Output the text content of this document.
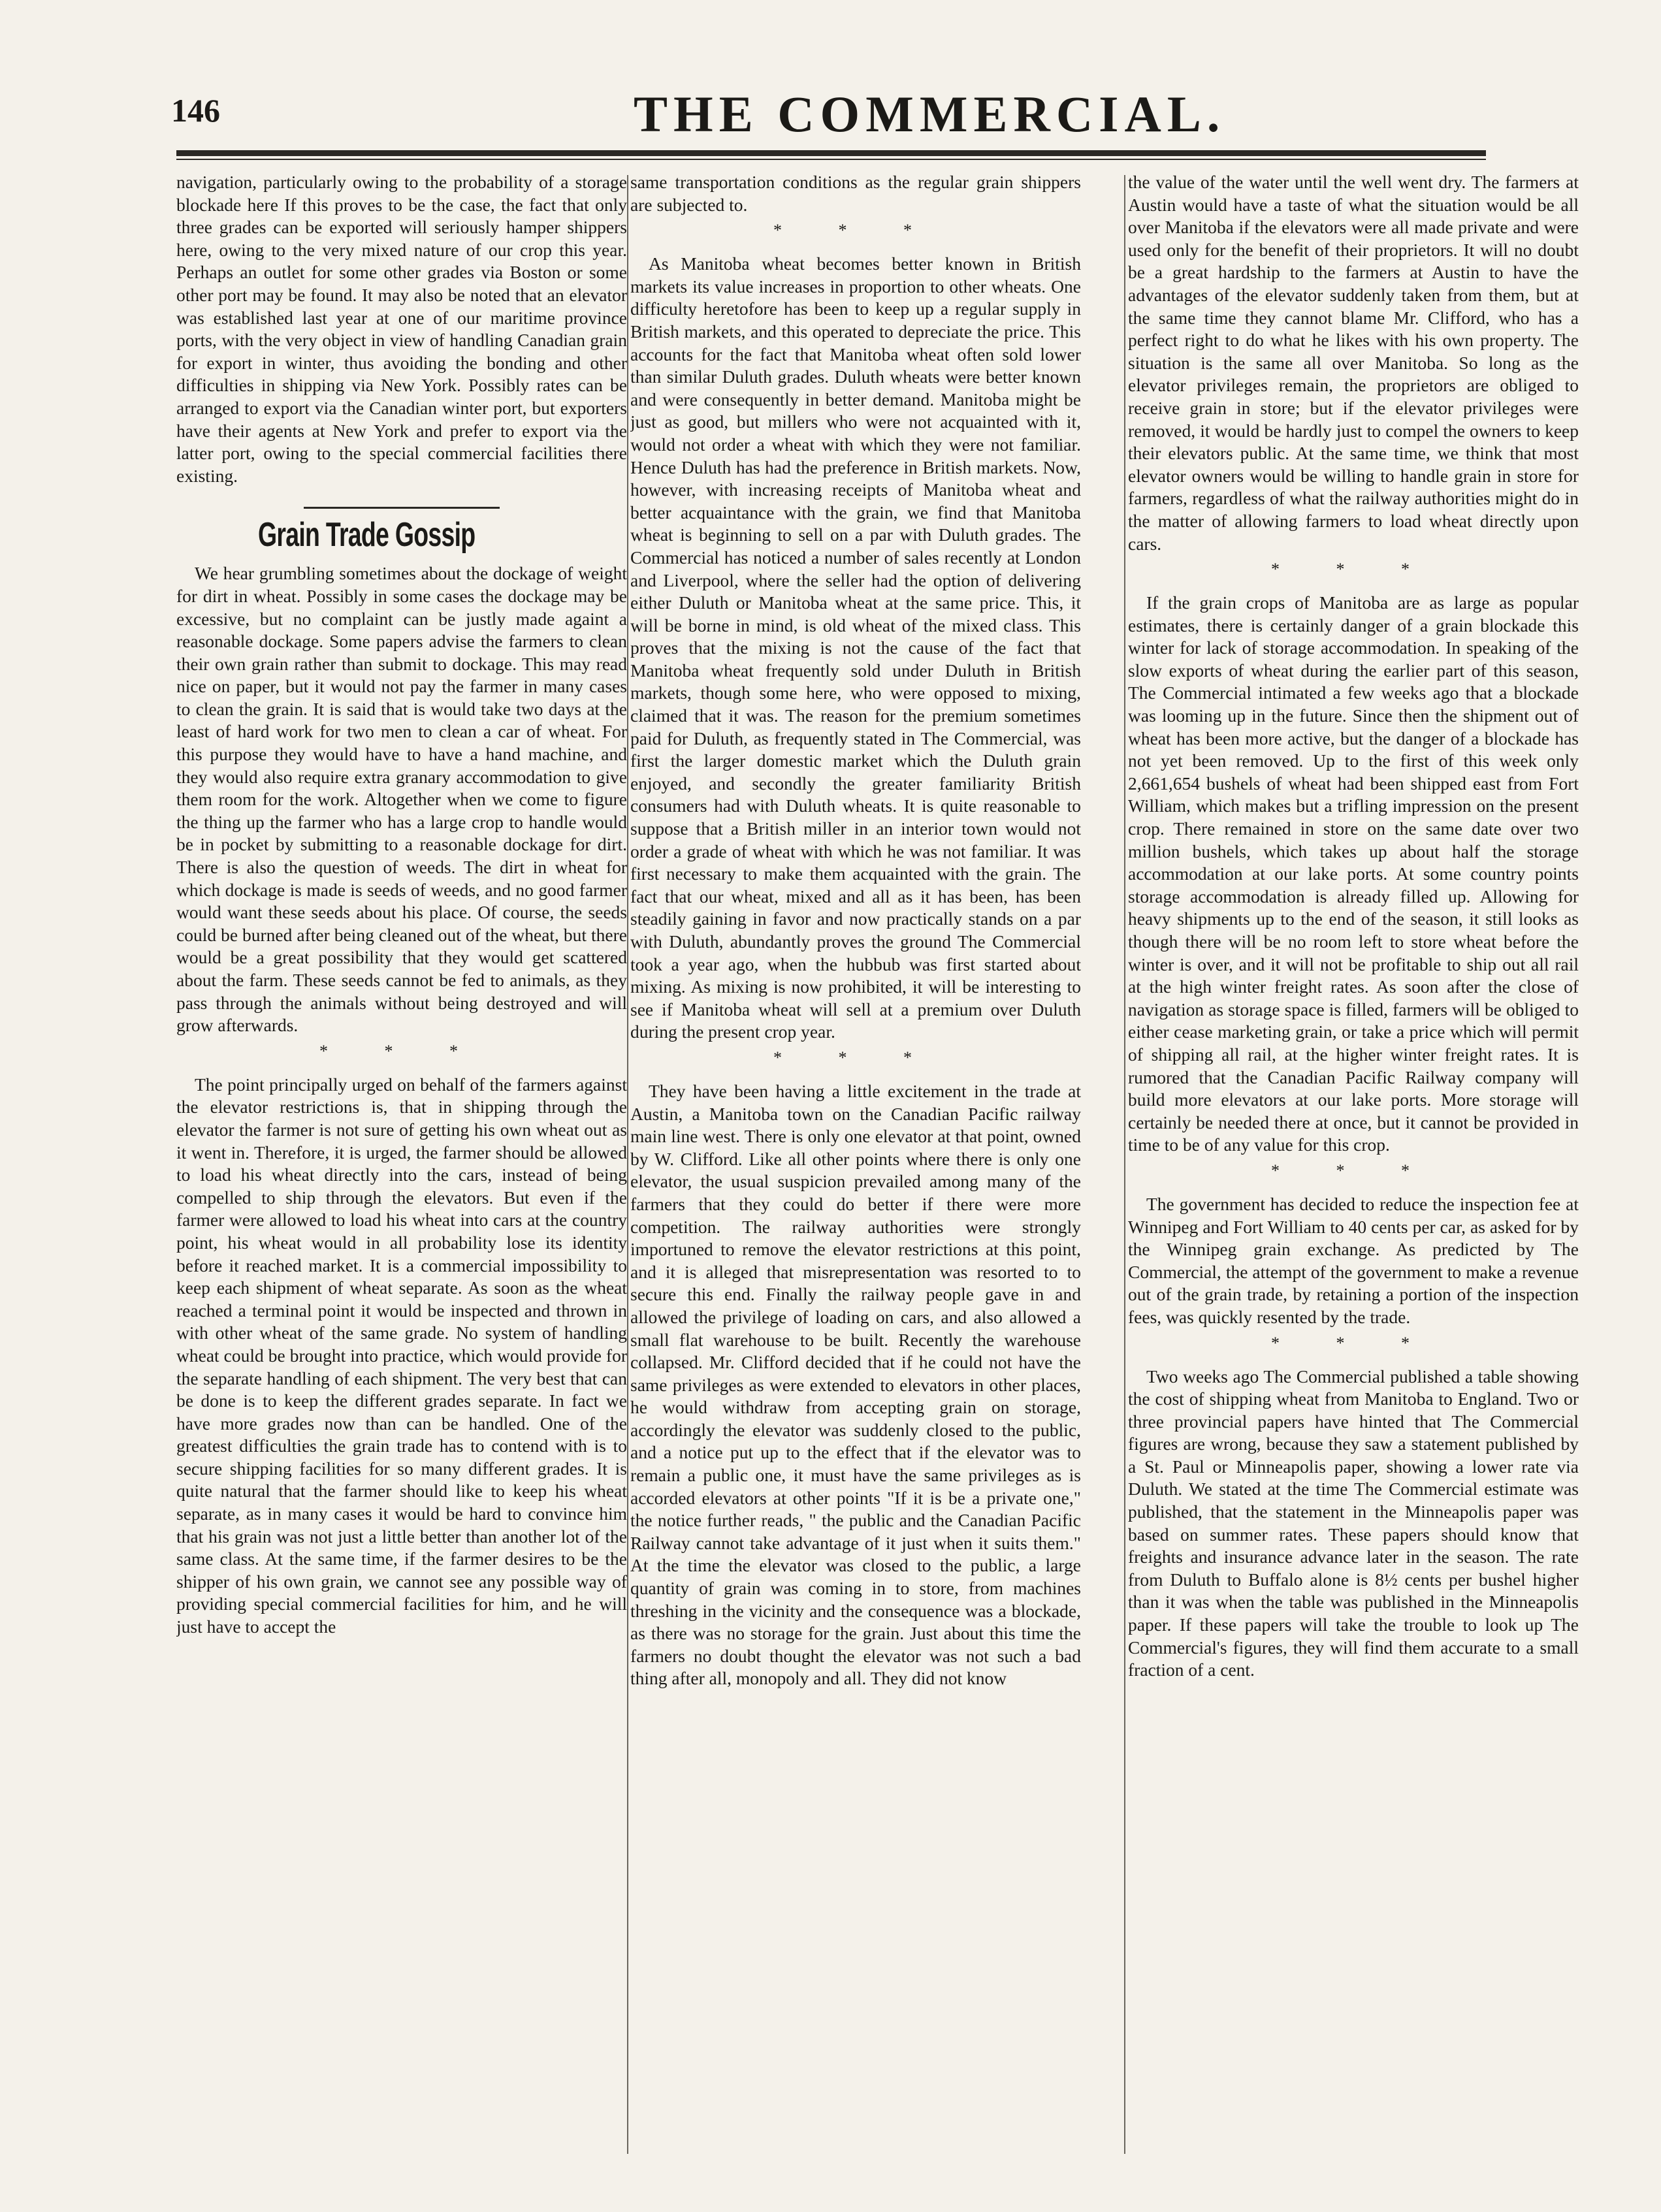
146	THE COMMERCIAL.

navigation, particularly owing to the probability of a storage blockade here If this proves to be the case, the fact that only three grades can be exported will seriously hamper shippers here, owing to the very mixed nature of our crop this year. Perhaps an outlet for some other grades via Boston or some other port may be found. It may also be noted that an elevator was established last year at one of our maritime province ports, with the very object in view of handling Canadian grain for export in winter, thus avoiding the bonding and other difficulties in shipping via New York. Possibly rates can be arranged to export via the Canadian winter port, but exporters have their agents at New York and prefer to export via the latter port, owing to the special commercial facilities there existing.

Grain Trade Gossip

We hear grumbling sometimes about the dockage of weight for dirt in wheat. Possibly in some cases the dockage may be excessive, but no complaint can be justly made againt a reasonable dockage. Some papers advise the farmers to clean their own grain rather than submit to dockage. This may read nice on paper, but it would not pay the farmer in many cases to clean the grain. It is said that is would take two days at the least of hard work for two men to clean a car of wheat. For this purpose they would have to have a hand machine, and they would also require extra granary accommodation to give them room for the work. Altogether when we come to figure the thing up the farmer who has a large crop to handle would be in pocket by submitting to a reasonable dockage for dirt. There is also the question of weeds. The dirt in wheat for which dockage is made is seeds of weeds, and no good farmer would want these seeds about his place. Of course, the seeds could be burned after being cleaned out of the wheat, but there would be a great possibility that they would get scattered about the farm. These seeds cannot be fed to animals, as they pass through the animals without being destroyed and will grow afterwards.

* * *

The point principally urged on behalf of the farmers against the elevator restrictions is, that in shipping through the elevator the farmer is not sure of getting his own wheat out as it went in. Therefore, it is urged, the farmer should be allowed to load his wheat directly into the cars, instead of being compelled to ship through the elevators. But even if the farmer were allowed to load his wheat into cars at the country point, his wheat would in all probability lose its identity before it reached market. It is a commercial impossibility to keep each shipment of wheat separate. As soon as the wheat reached a terminal point it would be inspected and thrown in with other wheat of the same grade. No system of handling wheat could be brought into practice, which would provide for the separate handling of each shipment. The very best that can be done is to keep the different grades separate. In fact we have more grades now than can be handled. One of the greatest difficulties the grain trade has to contend with is to secure shipping facilities for so many different grades. It is quite natural that the farmer should like to keep his wheat separate, as in many cases it would be hard to convince him that his grain was not just a little better than another lot of the same class. At the same time, if the farmer desires to be the shipper of his own grain, we cannot see any possible way of providing special commercial facilities for him, and he will just have to accept the

same transportation conditions as the regular grain shippers are subjected to.

* * *

As Manitoba wheat becomes better known in British markets its value increases in proportion to other wheats. One difficulty heretofore has been to keep up a regular supply in British markets, and this operated to depreciate the price. This accounts for the fact that Manitoba wheat often sold lower than similar Duluth grades. Duluth wheats were better known and were consequently in better demand. Manitoba might be just as good, but millers who were not acquainted with it, would not order a wheat with which they were not familiar. Hence Duluth has had the preference in British markets. Now, however, with increasing receipts of Manitoba wheat and better acquaintance with the grain, we find that Manitoba wheat is beginning to sell on a par with Duluth grades. The Commercial has noticed a number of sales recently at London and Liverpool, where the seller had the option of delivering either Duluth or Manitoba wheat at the same price. This, it will be borne in mind, is old wheat of the mixed class. This proves that the mixing is not the cause of the fact that Manitoba wheat frequently sold under Duluth in British markets, though some here, who were opposed to mixing, claimed that it was. The reason for the premium sometimes paid for Duluth, as frequently stated in The Commercial, was first the larger domestic market which the Duluth grain enjoyed, and secondly the greater familiarity British consumers had with Duluth wheats. It is quite reasonable to suppose that a British miller in an interior town would not order a grade of wheat with which he was not familiar. It was first necessary to make them acquainted with the grain. The fact that our wheat, mixed and all as it has been, has been steadily gaining in favor and now practically stands on a par with Duluth, abundantly proves the ground The Commercial took a year ago, when the hubbub was first started about mixing. As mixing is now prohibited, it will be interesting to see if Manitoba wheat will sell at a premium over Duluth during the present crop year.

* * *

They have been having a little excitement in the trade at Austin, a Manitoba town on the Canadian Pacific railway main line west. There is only one elevator at that point, owned by W. Clifford. Like all other points where there is only one elevator, the usual suspicion prevailed among many of the farmers that they could do better if there were more competition. The railway authorities were strongly importuned to remove the elevator restrictions at this point, and it is alleged that misrepresentation was resorted to to secure this end. Finally the railway people gave in and allowed the privilege of loading on cars, and also allowed a small flat warehouse to be built. Recently the warehouse collapsed. Mr. Clifford decided that if he could not have the same privileges as were extended to elevators in other places, he would withdraw from accepting grain on storage, accordingly the elevator was suddenly closed to the public, and a notice put up to the effect that if the elevator was to remain a public one, it must have the same privileges as is accorded elevators at other points "If it is be a private one," the notice further reads, " the public and the Canadian Pacific Railway cannot take advantage of it just when it suits them." At the time the elevator was closed to the public, a large quantity of grain was coming in to store, from machines threshing in the vicinity and the consequence was a blockade, as there was no storage for the grain. Just about this time the farmers no doubt thought the elevator was not such a bad thing after all, monopoly and all. They did not know

the value of the water until the well went dry. The farmers at Austin would have a taste of what the situation would be all over Manitoba if the elevators were all made private and were used only for the benefit of their proprietors. It will no doubt be a great hardship to the farmers at Austin to have the advantages of the elevator suddenly taken from them, but at the same time they cannot blame Mr. Clifford, who has a perfect right to do what he likes with his own property. The situation is the same all over Manitoba. So long as the elevator privileges remain, the proprietors are obliged to receive grain in store; but if the elevator privileges were removed, it would be hardly just to compel the owners to keep their elevators public. At the same time, we think that most elevator owners would be willing to handle grain in store for farmers, regardless of what the railway authorities might do in the matter of allowing farmers to load wheat directly upon cars.

* * *

If the grain crops of Manitoba are as large as popular estimates, there is certainly danger of a grain blockade this winter for lack of storage accommodation. In speaking of the slow exports of wheat during the earlier part of this season, The Commercial intimated a few weeks ago that a blockade was looming up in the future. Since then the shipment out of wheat has been more active, but the danger of a blockade has not yet been removed. Up to the first of this week only 2,661,654 bushels of wheat had been shipped east from Fort William, which makes but a trifling impression on the present crop. There remained in store on the same date over two million bushels, which takes up about half the storage accommodation at our lake ports. At some country points storage accommodation is already filled up. Allowing for heavy shipments up to the end of the season, it still looks as though there will be no room left to store wheat before the winter is over, and it will not be profitable to ship out all rail at the high winter freight rates. As soon after the close of navigation as storage space is filled, farmers will be obliged to either cease marketing grain, or take a price which will permit of shipping all rail, at the higher winter freight rates. It is rumored that the Canadian Pacific Railway company will build more elevators at our lake ports. More storage will certainly be needed there at once, but it cannot be provided in time to be of any value for this crop.

* * *

The government has decided to reduce the inspection fee at Winnipeg and Fort William to 40 cents per car, as asked for by the Winnipeg grain exchange. As predicted by The Commercial, the attempt of the government to make a revenue out of the grain trade, by retaining a portion of the inspection fees, was quickly resented by the trade.

* * *

Two weeks ago The Commercial published a table showing the cost of shipping wheat from Manitoba to England. Two or three provincial papers have hinted that The Commercial figures are wrong, because they saw a statement published by a St. Paul or Minneapolis paper, showing a lower rate via Duluth. We stated at the time The Commercial estimate was published, that the statement in the Minneapolis paper was based on summer rates. These papers should know that freights and insurance advance later in the season. The rate from Duluth to Buffalo alone is 8½ cents per bushel higher than it was when the table was published in the Minneapolis paper. If these papers will take the trouble to look up The Commercial's figures, they will find them accurate to a small fraction of a cent.
